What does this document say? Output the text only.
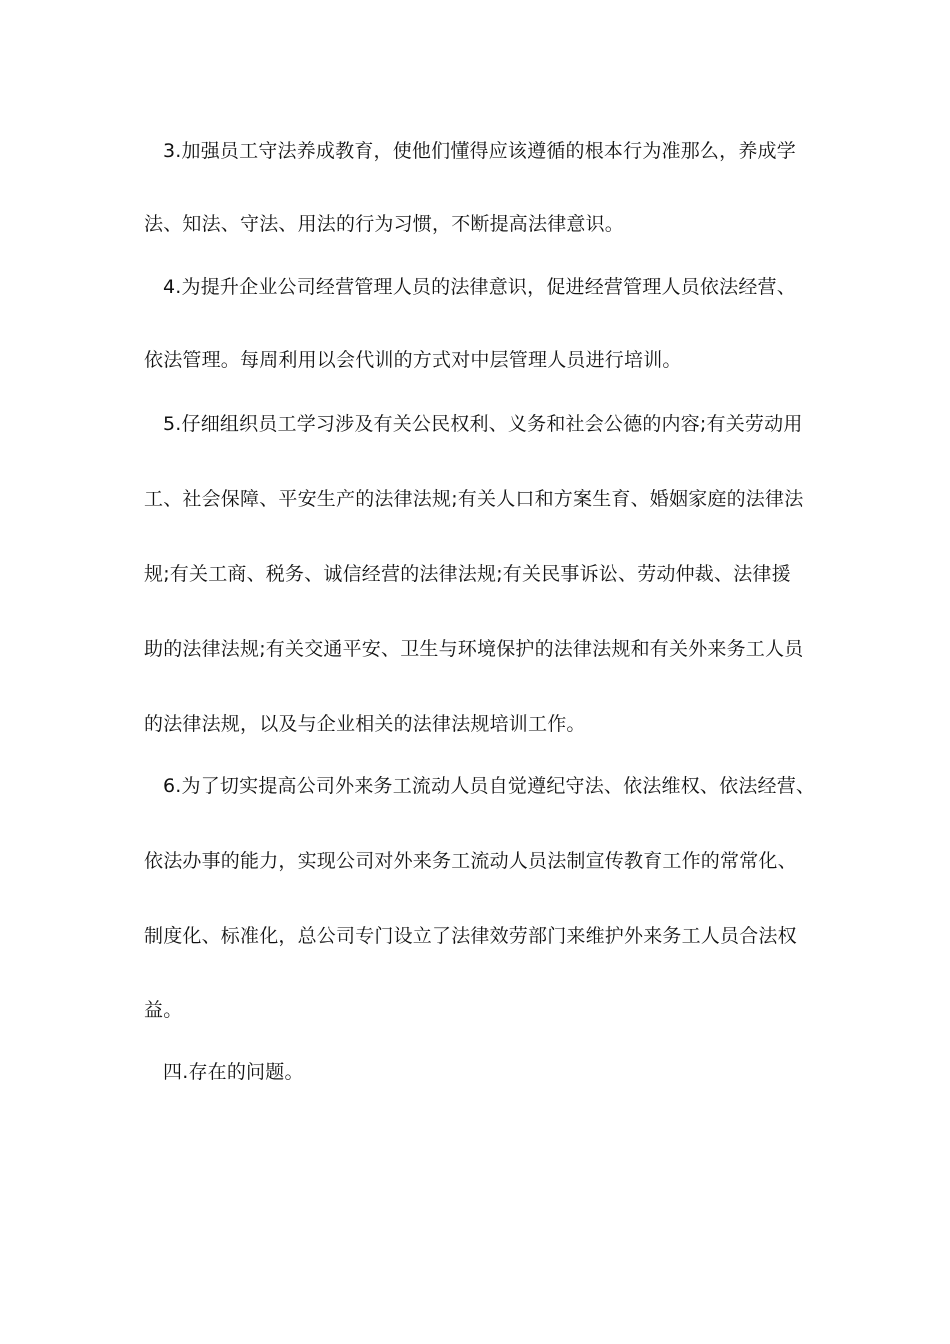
3.加强员工守法养成教育，使他们懂得应该遵循的根本行为准那么，养成学
法、知法、守法、用法的行为习惯，不断提高法律意识。
4.为提升企业公司经营管理人员的法律意识，促进经营管理人员依法经营、
依法管理。每周利用以会代训的方式对中层管理人员进行培训。
5.仔细组织员工学习涉及有关公民权利、义务和社会公德的内容;有关劳动用
工、社会保障、平安生产的法律法规;有关人口和方案生育、婚姻家庭的法律法
规;有关工商、税务、诚信经营的法律法规;有关民事诉讼、劳动仲裁、法律援
助的法律法规;有关交通平安、卫生与环境保护的法律法规和有关外来务工人员
的法律法规，以及与企业相关的法律法规培训工作。
6.为了切实提高公司外来务工流动人员自觉遵纪守法、依法维权、依法经营、
依法办事的能力，实现公司对外来务工流动人员法制宣传教育工作的常常化、
制度化、标准化，总公司专门设立了法律效劳部门来维护外来务工人员合法权
益。
四.存在的问题。
